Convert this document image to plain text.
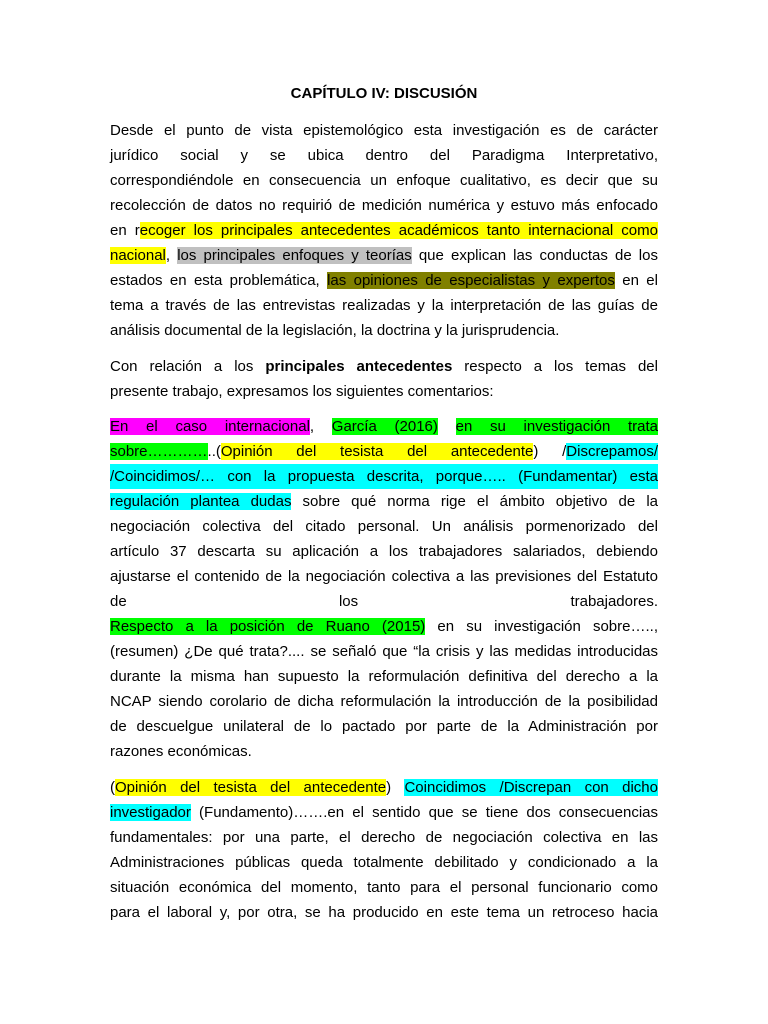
CAPÍTULO IV: DISCUSIÓN
Desde el punto de vista epistemológico esta investigación es de carácter
jurídico social y se ubica dentro del Paradigma Interpretativo,
correspondiéndole en consecuencia un enfoque cualitativo, es decir que su
recolección de datos no requirió de medición numérica y estuvo más enfocado
en recoger los principales antecedentes académicos tanto internacional como
nacional, los principales enfoques y teorías que explican las conductas de los
estados en esta problemática, las opiniones de especialistas y expertos en el
tema a través de las entrevistas realizadas y la interpretación de las guías de
análisis documental de la legislación, la doctrina y la jurisprudencia.
Con relación a los principales antecedentes respecto a los temas del
presente trabajo, expresamos los siguientes comentarios:
En el caso internacional, García (2016) en su investigación trata
sobre…………..(Opinión del tesista del antecedente) /Discrepamos/
/Coincidimos/… con la propuesta descrita, porque….. (Fundamentar) esta
regulación plantea dudas sobre qué norma rige el ámbito objetivo de la
negociación colectiva del citado personal. Un análisis pormenorizado del
artículo 37 descarta su aplicación a los trabajadores salariados, debiendo
ajustarse el contenido de la negociación colectiva a las previsiones del Estatuto
de los trabajadores.
Respecto a la posición de Ruano (2015) en su investigación sobre…..,
(resumen) ¿De qué trata?.... se señaló que “la crisis y las medidas introducidas
durante la misma han supuesto la reformulación definitiva del derecho a la
NCAP siendo corolario de dicha reformulación la introducción de la posibilidad
de descuelgue unilateral de lo pactado por parte de la Administración por
razones económicas.
(Opinión del tesista del antecedente) Coincidimos /Discrepan con dicho
investigador (Fundamento)…….en el sentido que se tiene dos consecuencias
fundamentales: por una parte, el derecho de negociación colectiva en las
Administraciones públicas queda totalmente debilitado y condicionado a la
situación económica del momento, tanto para el personal funcionario como
para el laboral y, por otra, se ha producido en este tema un retroceso hacia
